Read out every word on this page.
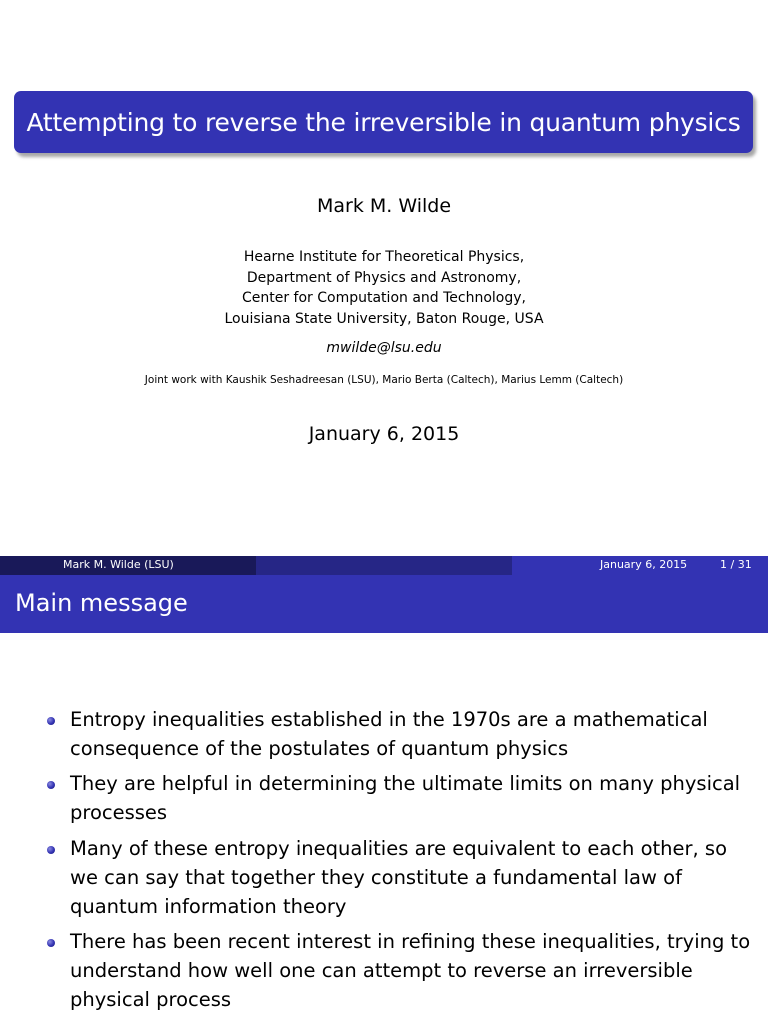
Attempting to reverse the irreversible in quantum physics
Mark M. Wilde
Hearne Institute for Theoretical Physics,
Department of Physics and Astronomy,
Center for Computation and Technology,
Louisiana State University, Baton Rouge, USA
mwilde@lsu.edu
Joint work with Kaushik Seshadreesan (LSU), Mario Berta (Caltech), Marius Lemm (Caltech)
January 6, 2015
Mark M. Wilde (LSU)	January 6, 2015	1 / 31
Main message
Entropy inequalities established in the 1970s are a mathematical consequence of the postulates of quantum physics
They are helpful in determining the ultimate limits on many physical processes
Many of these entropy inequalities are equivalent to each other, so we can say that together they constitute a fundamental law of quantum information theory
There has been recent interest in refining these inequalities, trying to understand how well one can attempt to reverse an irreversible physical process
